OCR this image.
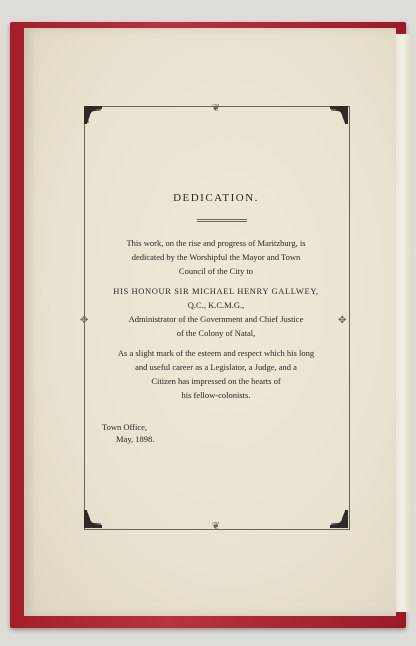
❦
❦
✥	✥
DEDICATION.
This work, on the rise and progress of Maritzburg, is
dedicated by the Worshipful the Mayor and Town
Council of the City to
HIS HONOUR SIR MICHAEL HENRY GALLWEY,
Q.C., K.C.M.G.,
Administrator of the Government and Chief Justice
of the Colony of Natal,
As a slight mark of the esteem and respect which his long
and useful career as a Legislator, a Judge, and a
Citizen has impressed on the hearts of
his fellow-colonists.
Town Office,
May, 1898.
